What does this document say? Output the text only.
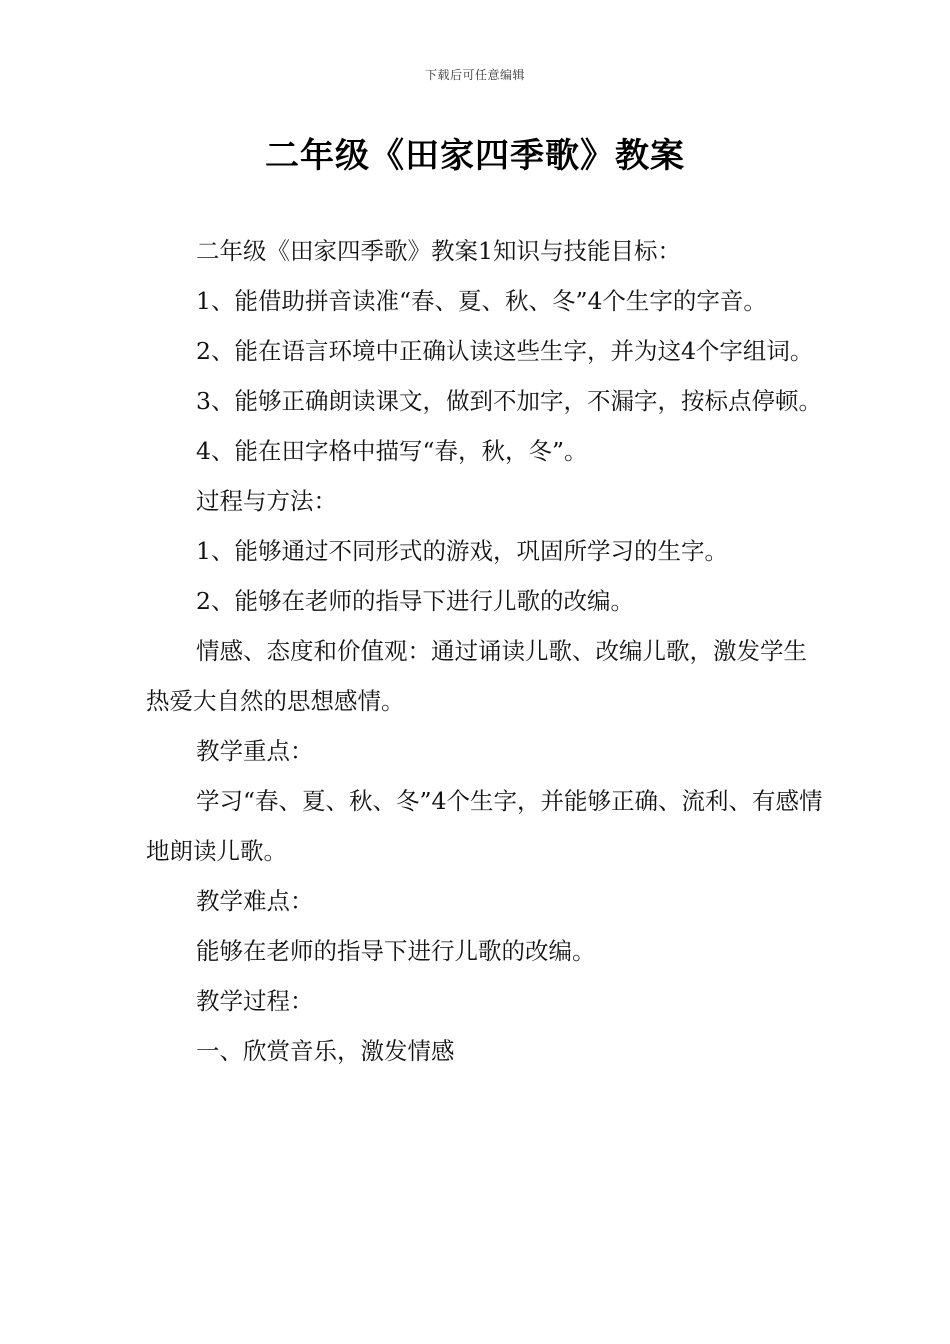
下载后可任意编辑
二年级《田家四季歌》教案

二年级《田家四季歌》教案1知识与技能目标：

1、能借助拼音读准“春、夏、秋、冬”4个生字的字音。

2、能在语言环境中正确认读这些生字，并为这4个字组词。

3、能够正确朗读课文，做到不加字，不漏字，按标点停顿。

4、能在田字格中描写“春，秋，冬”。

过程与方法：

1、能够通过不同形式的游戏，巩固所学习的生字。

2、能够在老师的指导下进行儿歌的改编。

情感、态度和价值观：通过诵读儿歌、改编儿歌，激发学生热爱大自然的思想感情。

教学重点：

学习“春、夏、秋、冬”4个生字，并能够正确、流利、有感情地朗读儿歌。

教学难点：

能够在老师的指导下进行儿歌的改编。

教学过程：

一、欣赏音乐，激发情感
